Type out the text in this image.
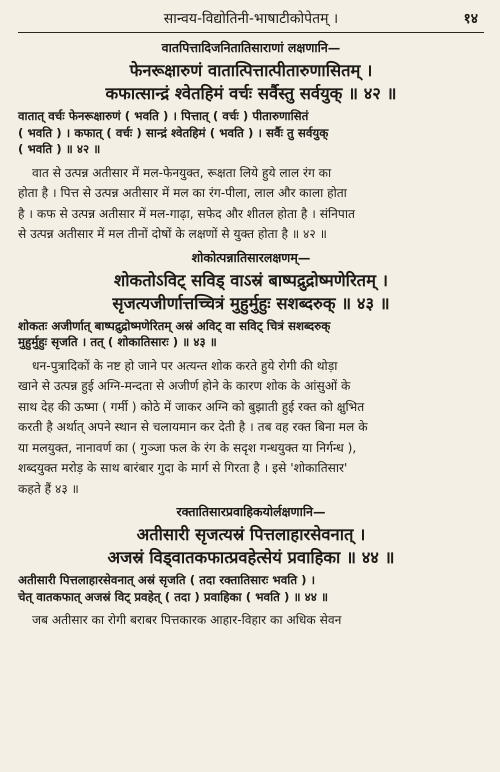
सान्वय-विद्योतिनी-भाषाटीकोपेतम् ।	१४
वातपित्तादिजनितातिसाराणां लक्षणानि—

फेनरूक्षारुणं वातात्पित्तात्पीतारुणासितम् ।

कफात्सान्द्रं श्वेतहिमं वर्चः सर्वैस्तु सर्वयुक् ॥ ४२ ॥

वातात् वर्चः फेनरूक्षारुणं ( भवति ) । पित्तात् ( वर्चः ) पीतारुणासितं
( भवति ) । कफात् ( वर्चः ) सान्द्रं श्वेतहिमं ( भवति ) । सर्वैः तु सर्वयुक्
( भवति ) ॥ ४२ ॥
वात से उत्पन्न अतीसार में मल-फेनयुक्त, रूक्षता लिये हुये लाल रंग का
होता है । पित्त से उत्पन्न अतीसार में मल का रंग-पीला, लाल और काला होता
है । कफ से उत्पन्न अतीसार में मल-गाढ़ा, सफेद और शीतल होता है । संनिपात
से उत्पन्न अतीसार में मल तीनों दोषों के लक्षणों से युक्त होता है ॥ ४२ ॥
शोकोत्पन्नातिसारलक्षणम्—

शोकतोऽविट् सविड् वाऽस्रं बाष्पद्रुद्रोष्मणेरितम् ।

सृजत्यजीर्णात्तच्चित्रं मुहुर्मुहुः सशब्दरुक् ॥ ४३ ॥

शोकतः अजीर्णात् बाष्पद्रुद्रोष्मणेरितम् अस्रं अविट् वा सविट् चित्रं सशब्दरुक्
मुहुर्मुहुः सृजति । तत् ( शोकातिसारः ) ॥ ४३ ॥
धन-पुत्रादिकों के नष्ट हो जाने पर अत्यन्त शोक करते हुये रोगी की थोड़ा
खाने से उत्पन्न हुई अग्नि-मन्दता से अजीर्ण होने के कारण शोक के आंसुओं के
साथ देह की ऊष्मा ( गर्मी ) कोठे में जाकर अग्नि को बुझाती हुई रक्त को क्षुभित
करती है अर्थात् अपने स्थान से चलायमान कर देती है । तब वह रक्त बिना मल के
या मलयुक्त, नानावर्ण का ( गुञ्जा फल के रंग के सदृश गन्धयुक्त या निर्गन्ध ),
शब्दयुक्त मरोड़ के साथ बारंबार गुदा के मार्ग से गिरता है । इसे 'शोकातिसार'
कहते हैं ४३ ॥
रक्तातिसारप्रवाहिकयोर्लक्षणानि—

अतीसारी सृजत्यस्रं पित्तलाहारसेवनात् ।

अजस्रं विड्वातकफात्प्रवहेत्सेयं प्रवाहिका ॥ ४४ ॥

अतीसारी पित्तलाहारसेवनात् अस्रं सृजति ( तदा रक्तातिसारः भवति ) ।
चेत् वातकफात् अजस्रं विट् प्रवहेत् ( तदा ) प्रवाहिका ( भवति ) ॥ ४४ ॥
जब अतीसार का रोगी बराबर पित्तकारक आहार-विहार का अधिक सेवन
